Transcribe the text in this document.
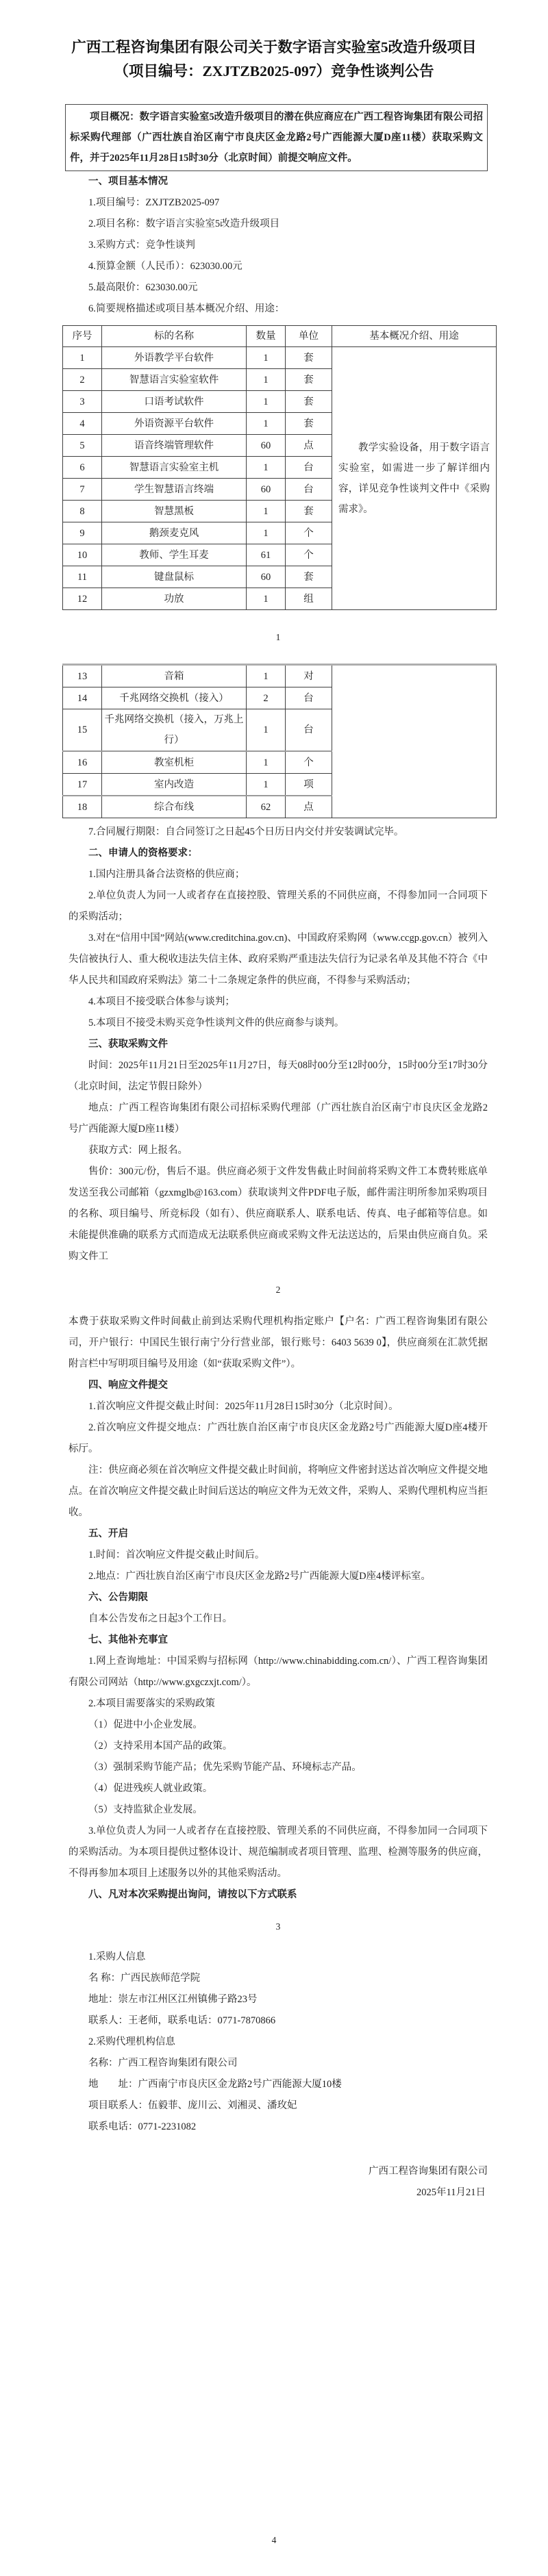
广西工程咨询集团有限公司关于数字语言实验室5改造升级项目
（项目编号：ZXJTZB2025-097）竞争性谈判公告

项目概况：数字语言实验室5改造升级项目的潜在供应商应在广西工程咨询集团有限公司招标采购代理部（广西壮族自治区南宁市良庆区金龙路2号广西能源大厦D座11楼）获取采购文件，并于2025年11月28日15时30分（北京时间）前提交响应文件。

一、项目基本情况

1.项目编号：ZXJTZB2025-097

2.项目名称：数字语言实验室5改造升级项目

3.采购方式：竞争性谈判

4.预算金额（人民币）：623030.00元

5.最高限价：623030.00元

6.简要规格描述或项目基本概况介绍、用途：

序号	标的名称	数量	单位	基本概况介绍、用途
1	外语教学平台软件	1	套	教学实验设备，用于数字语言实验室，如需进一步了解详细内容，详见竞争性谈判文件中《采购需求》。

2	智慧语言实验室软件	1	套	
3	口语考试软件	1	套	
4	外语资源平台软件	1	套	
5	语音终端管理软件	60	点	
6	智慧语言实验室主机	1	台	
7	学生智慧语言终端	60	台	
8	智慧黑板	1	套	
9	鹅颈麦克风	1	个	
10	教师、学生耳麦	61	个	
11	键盘鼠标	60	套	
12	功放	1	组	
1
13	音箱	1	对	
14	千兆网络交换机（接入）	2	台	
15	千兆网络交换机（接入，万兆上行）	1	台	
16	教室机柜	1	个	
17	室内改造	1	项	
18	综合布线	62	点	

7.合同履行期限：自合同签订之日起45个日历日内交付并安装调试完毕。

二、申请人的资格要求：

1.国内注册具备合法资格的供应商；

2.单位负责人为同一人或者存在直接控股、管理关系的不同供应商，不得参加同一合同项下的采购活动；

3.对在“信用中国”网站(www.creditchina.gov.cn)、中国政府采购网（www.ccgp.gov.cn）被列入失信被执行人、重大税收违法失信主体、政府采购严重违法失信行为记录名单及其他不符合《中华人民共和国政府采购法》第二十二条规定条件的供应商，不得参与采购活动；

4.本项目不接受联合体参与谈判；

5.本项目不接受未购买竞争性谈判文件的供应商参与谈判。

三、获取采购文件

时间：2025年11月21日至2025年11月27日，每天08时00分至12时00分，15时00分至17时30分（北京时间，法定节假日除外）

地点：广西工程咨询集团有限公司招标采购代理部（广西壮族自治区南宁市良庆区金龙路2号广西能源大厦D座11楼）

获取方式：网上报名。

售价：300元/份，售后不退。供应商必须于文件发售截止时间前将采购文件工本费转账底单发送至我公司邮箱（gzxmglb@163.com）获取谈判文件PDF电子版，邮件需注明所参加采购项目的名称、项目编号、所竞标段（如有）、供应商联系人、联系电话、传真、电子邮箱等信息。如未能提供准确的联系方式而造成无法联系供应商或采购文件无法送达的，后果由供应商自负。采购文件工

2

本费于获取采购文件时间截止前到达采购代理机构指定账户【户名：广西工程咨询集团有限公司，开户银行：中国民生银行南宁分行营业部，银行账号：6403 5639 0】，供应商须在汇款凭据附言栏中写明项目编号及用途（如“获取采购文件”）。

四、响应文件提交

1.首次响应文件提交截止时间：2025年11月28日15时30分（北京时间）。

2.首次响应文件提交地点：广西壮族自治区南宁市良庆区金龙路2号广西能源大厦D座4楼开标厅。

注：供应商必须在首次响应文件提交截止时间前，将响应文件密封送达首次响应文件提交地点。在首次响应文件提交截止时间后送达的响应文件为无效文件，采购人、采购代理机构应当拒收。

五、开启

1.时间：首次响应文件提交截止时间后。

2.地点：广西壮族自治区南宁市良庆区金龙路2号广西能源大厦D座4楼评标室。

六、公告期限

自本公告发布之日起3个工作日。

七、其他补充事宜

1.网上查询地址：中国采购与招标网（http://www.chinabidding.com.cn/）、广西工程咨询集团有限公司网站（http://www.gxgczxjt.com/）。

2.本项目需要落实的采购政策

（1）促进中小企业发展。

（2）支持采用本国产品的政策。

（3）强制采购节能产品；优先采购节能产品、环境标志产品。

（4）促进残疾人就业政策。

（5）支持监狱企业发展。

3.单位负责人为同一人或者存在直接控股、管理关系的不同供应商，不得参加同一合同项下的采购活动。为本项目提供过整体设计、规范编制或者项目管理、监理、检测等服务的供应商，不得再参加本项目上述服务以外的其他采购活动。

八、凡对本次采购提出询问，请按以下方式联系

3

1.采购人信息

名 称：广西民族师范学院

地址：崇左市江州区江州镇佛子路23号

联系人：王老师，联系电话：0771-7870866

2.采购代理机构信息

名称：广西工程咨询集团有限公司

地　　址：广西南宁市良庆区金龙路2号广西能源大厦10楼

项目联系人：伍毅菲、庞川云、刘湘灵、潘玫妃

联系电话：0771-2231082

广西工程咨询集团有限公司

2025年11月21日

4
